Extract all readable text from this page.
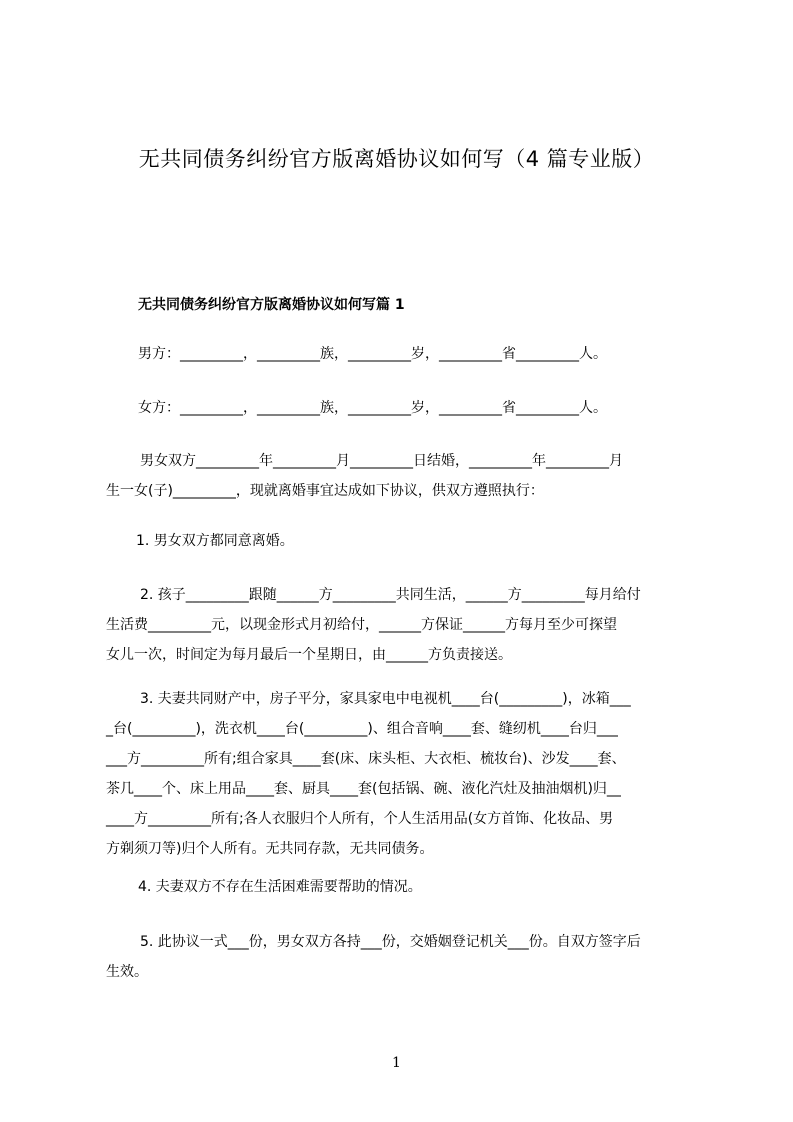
无共同债务纠纷官方版离婚协议如何写（4 篇专业版）
无共同债务纠纷官方版离婚协议如何写篇 1
男方：_________，_________族，_________岁，_________省_________人。
女方：_________，_________族，_________岁，_________省_________人。
男女双方_________年_________月_________日结婚，_________年_________月
生一女(子)_________，现就离婚事宜达成如下协议，供双方遵照执行：
1. 男女双方都同意离婚。
2. 孩子_________跟随______方_________共同生活，______方_________每月给付
生活费_________元，以现金形式月初给付，______方保证______方每月至少可探望
女儿一次，时间定为每月最后一个星期日，由______方负责接送。
3. 夫妻共同财产中，房子平分，家具家电中电视机____台(_________)，冰箱___
_台(_________)，洗衣机____台(_________)、组合音响____套、缝纫机____台归___
___方_________所有;组合家具____套(床、床头柜、大衣柜、梳妆台)、沙发____套、
茶几____个、床上用品____套、厨具____套(包括锅、碗、液化汽灶及抽油烟机)归__
____方_________所有;各人衣服归个人所有，个人生活用品(女方首饰、化妆品、男
方剃须刀等)归个人所有。无共同存款，无共同债务。
4. 夫妻双方不存在生活困难需要帮助的情况。
5. 此协议一式___份，男女双方各持___份，交婚姻登记机关___份。自双方签字后
生效。
1
